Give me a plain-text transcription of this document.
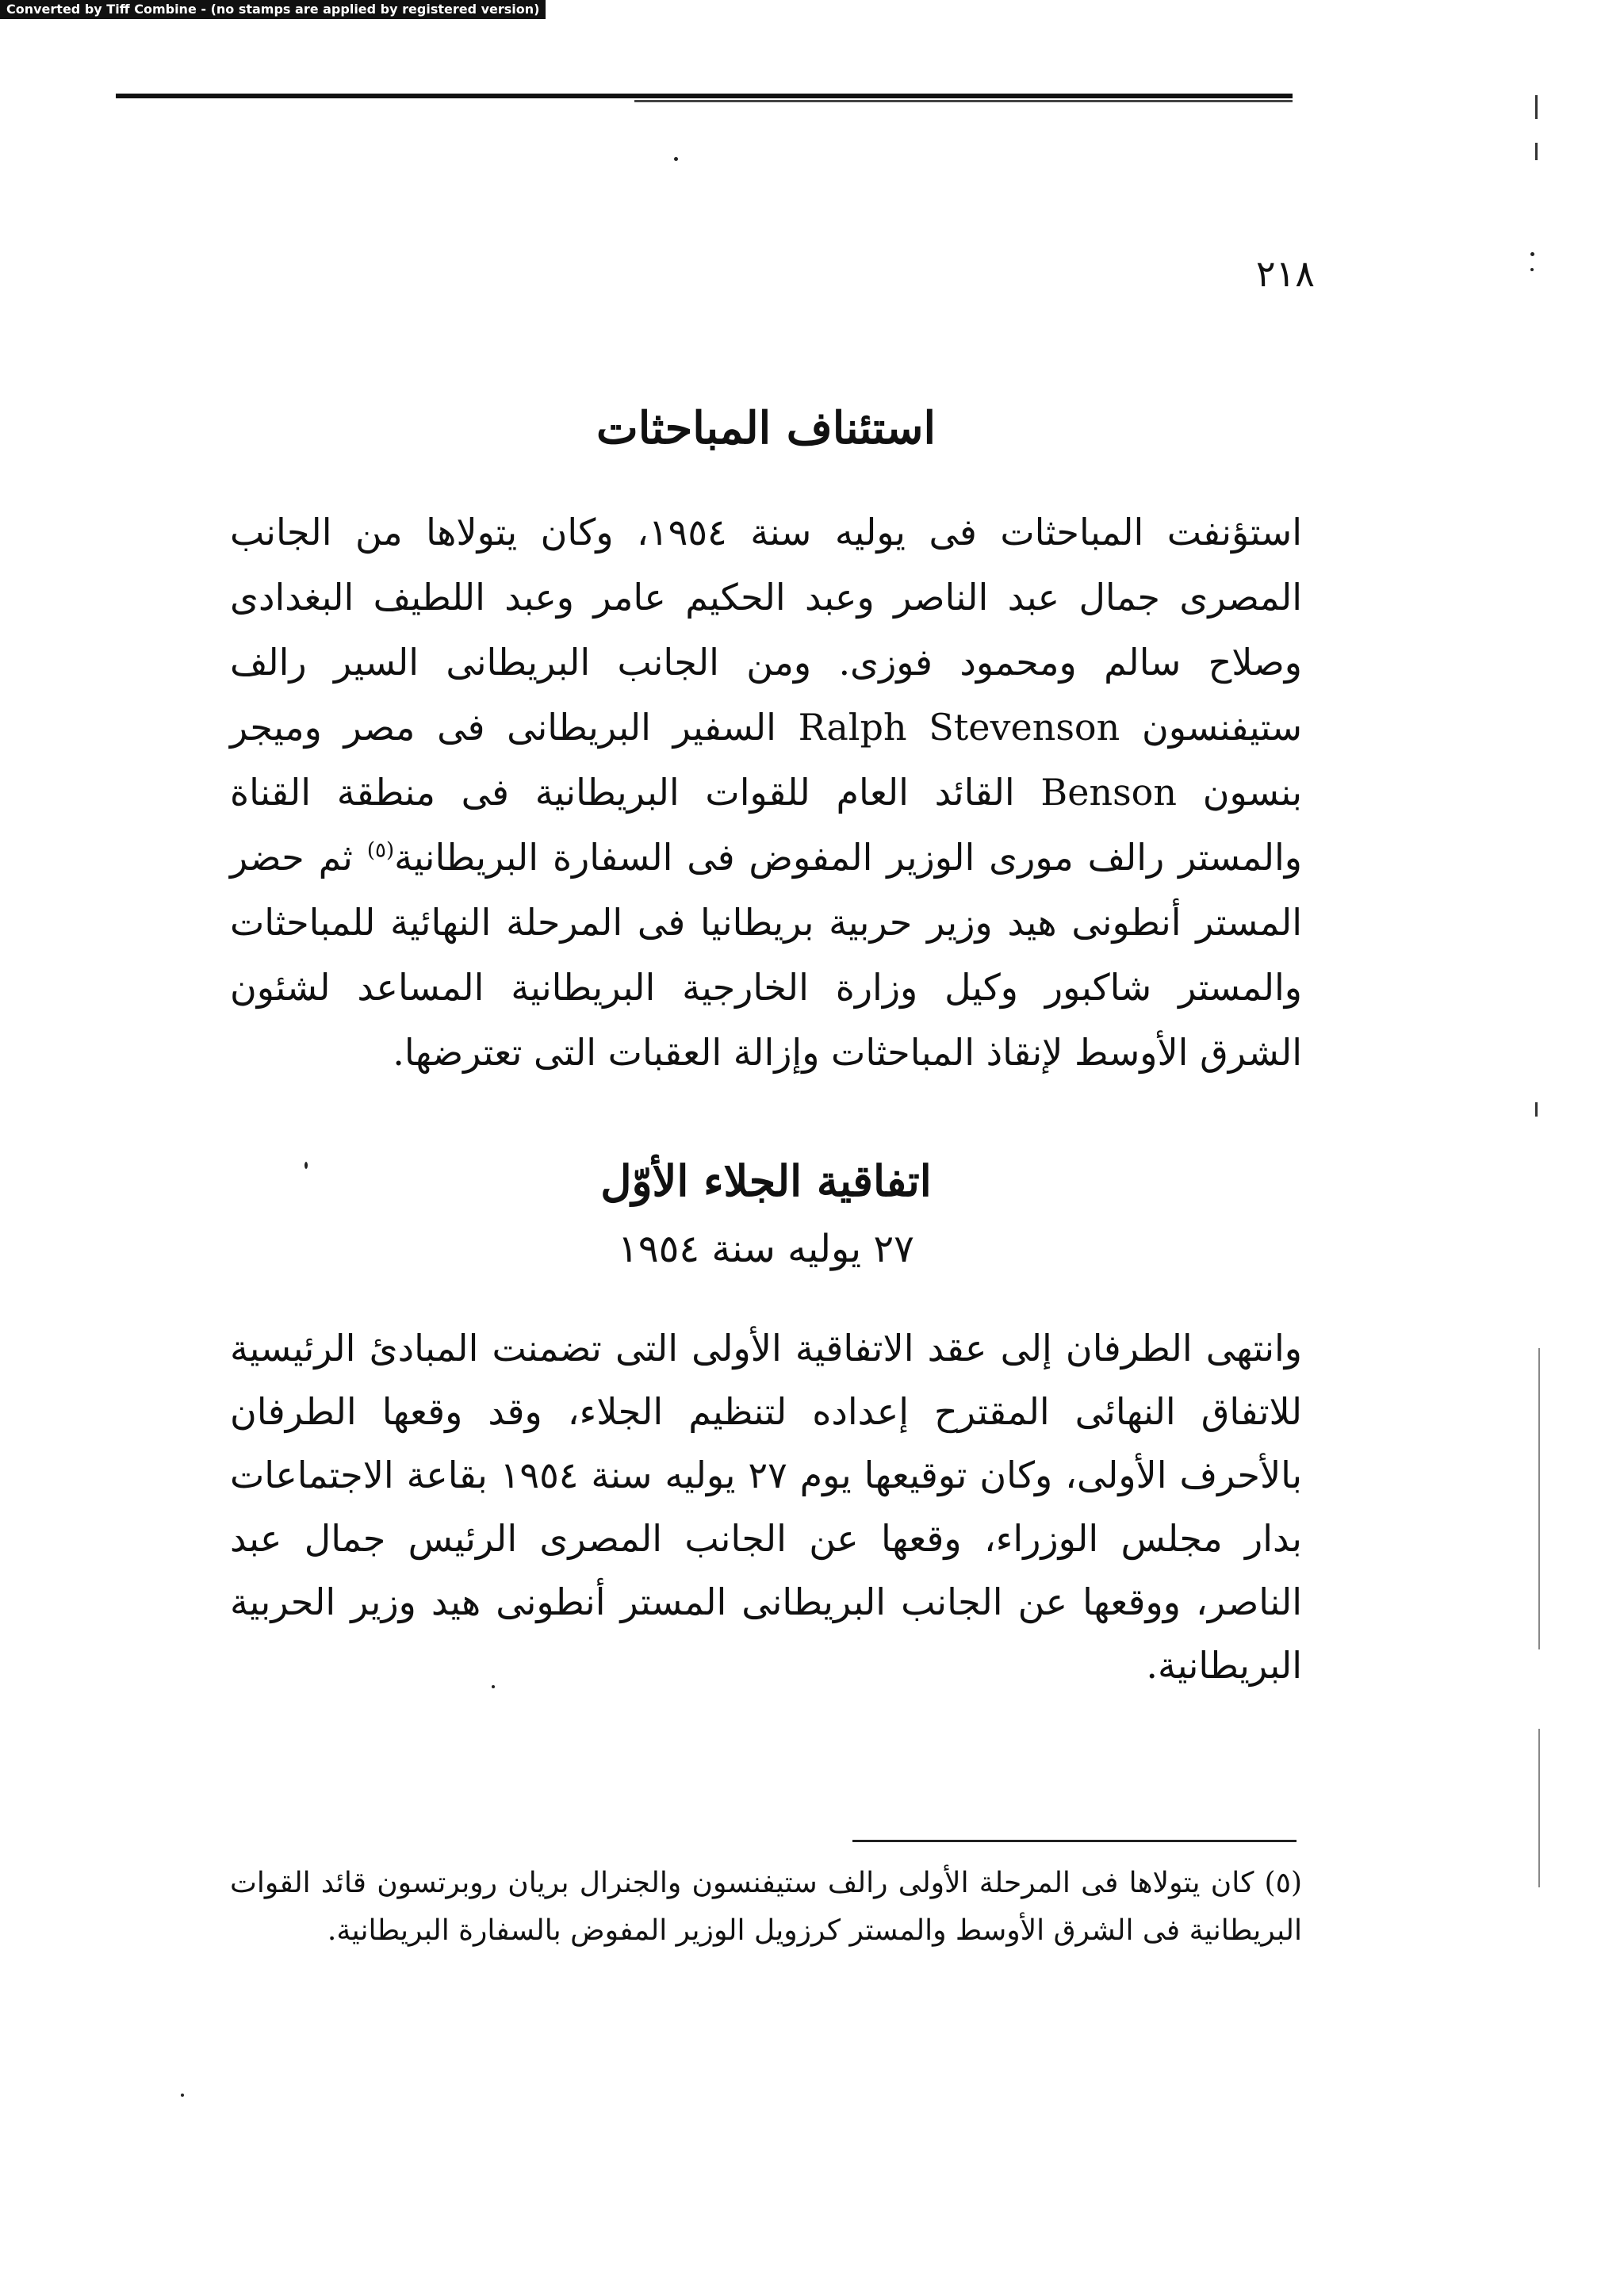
Converted by Tiff Combine - (no stamps are applied by registered version)
٢١٨
استئناف المباحثات
استؤنفت المباحثات فى يوليه سنة ١٩٥٤، وكان يتولاها من الجانب المصرى جمال عبد الناصر وعبد الحكيم عامر وعبد اللطيف البغدادى وصلاح سالم ومحمود فوزى. ومن الجانب البريطانى السير رالف ستيفنسون Ralph Stevenson السفير البريطانى فى مصر وميجر بنسون Benson القائد العام للقوات البريطانية فى منطقة القناة والمستر رالف مورى الوزير المفوض فى السفارة البريطانية$^{(٥)}$ ثم حضر المستر أنطونى هيد وزير حربية بريطانيا فى المرحلة النهائية للمباحثات والمستر شاكبور وكيل وزارة الخارجية البريطانية المساعد لشئون الشرق الأوسط لإنقاذ المباحثات وإزالة العقبات التى تعترضها.
اتفاقية الجلاء الأوّل
٢٧ يوليه سنة ١٩٥٤
وانتهى الطرفان إلى عقد الاتفاقية الأولى التى تضمنت المبادئ الرئيسية للاتفاق النهائى المقترح إعداده لتنظيم الجلاء، وقد وقعها الطرفان بالأحرف الأولى، وكان توقيعها يوم ٢٧ يوليه سنة ١٩٥٤ بقاعة الاجتماعات بدار مجلس الوزراء، وقعها عن الجانب المصرى الرئيس جمال عبد الناصر، ووقعها عن الجانب البريطانى المستر أنطونى هيد وزير الحربية البريطانية.
(٥) كان يتولاها فى المرحلة الأولى رالف ستيفنسون والجنرال بريان روبرتسون قائد القوات البريطانية فى الشرق الأوسط والمستر كرزويل الوزير المفوض بالسفارة البريطانية.
